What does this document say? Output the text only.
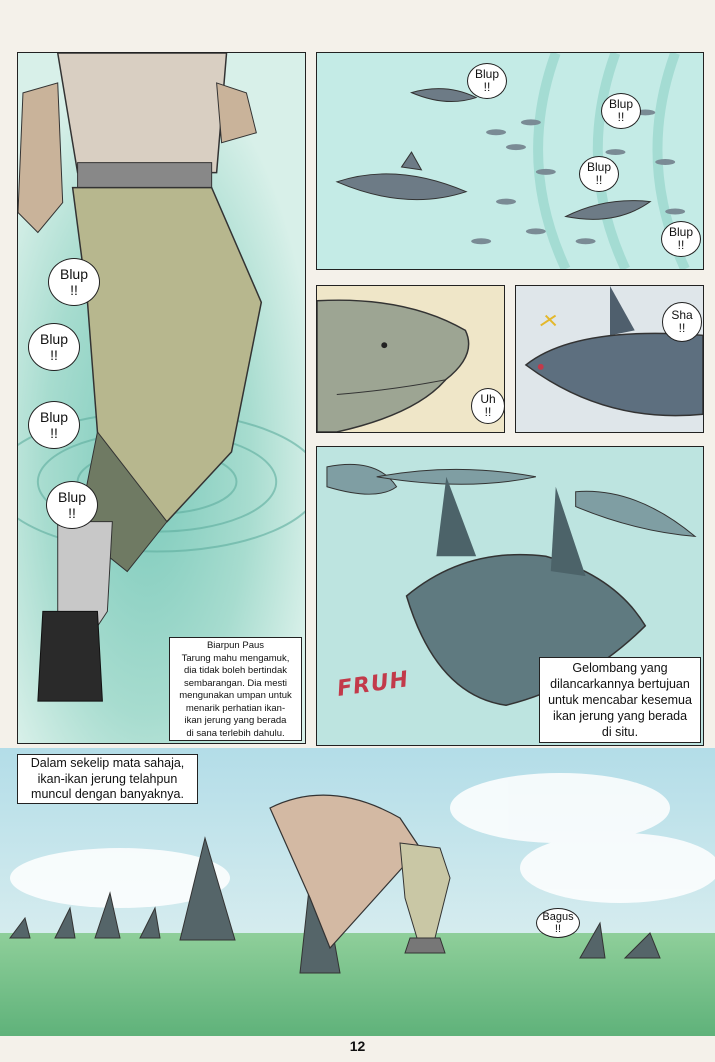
Blup
!!
Blup
!!
Blup
!!
Blup
!!
Biarpun Paus
Tarung mahu mengamuk,
dia tidak boleh bertindak
sembarangan. Dia mesti
mengunakan umpan untuk
menarik perhatian ikan-
ikan jerung yang berada
di sana terlebih dahulu.
Blup
!!
Blup
!!
Blup
!!
Blup
!!
Uh
!!
Sha
!!
FRUH	Gelombang yang
dilancarkannya bertujuan
untuk mencabar kesemua
ikan jerung yang berada
di situ.
Dalam sekelip mata sahaja,
ikan-ikan jerung telahpun
muncul dengan banyaknya.
Bagus
!!
12
